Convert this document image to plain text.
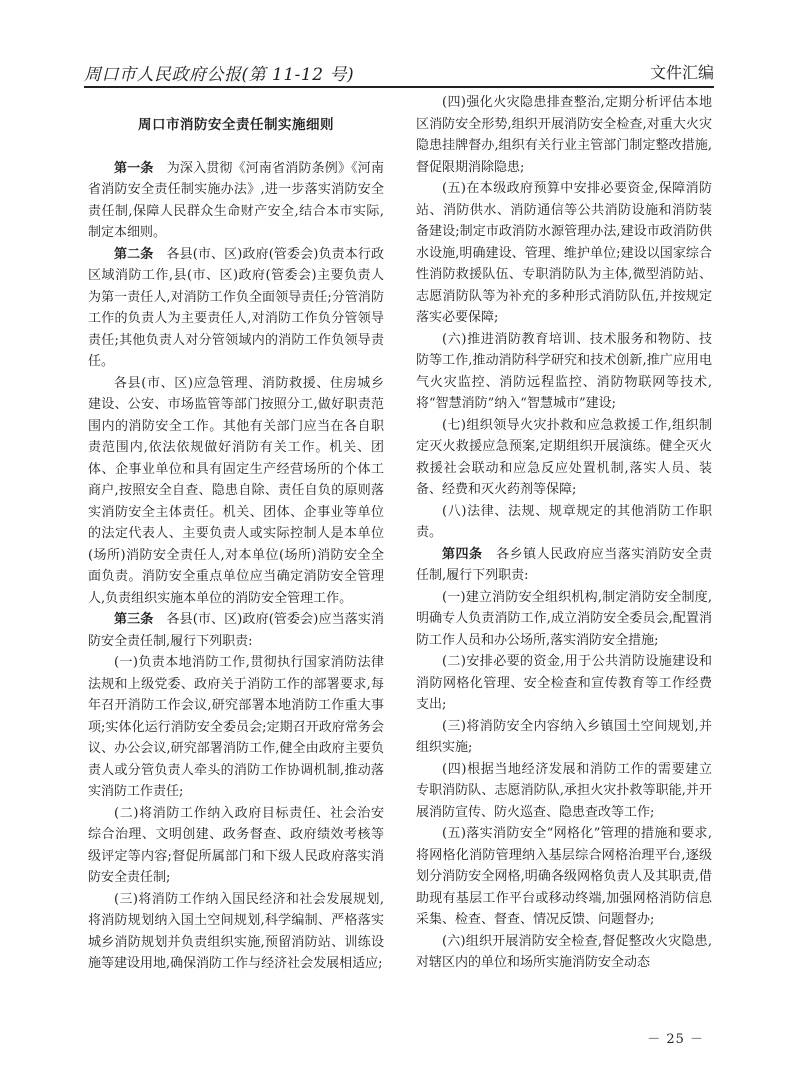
周口市人民政府公报(第 11-12 号)	文件汇编
周口市消防安全责任制实施细则

第一条　 为深入贯彻《河南省消防条例》《河南省消防安全责任制实施办法》,进一步落实消防安全责任制,保障人民群众生命财产安全,结合本市实际,制定本细则。

第二条　 各县(市、区)政府(管委会)负责本行政区域消防工作,县(市、区)政府(管委会)主要负责人为第一责任人,对消防工作负全面领导责任;分管消防工作的负责人为主要责任人,对消防工作负分管领导责任;其他负责人对分管领域内的消防工作负领导责任。

各县(市、区)应急管理、消防救援、住房城乡建设、公安、市场监管等部门按照分工,做好职责范围内的消防安全工作。其他有关部门应当在各自职责范围内,依法依规做好消防有关工作。机关、团体、企事业单位和具有固定生产经营场所的个体工商户,按照安全自查、隐患自除、责任自负的原则落实消防安全主体责任。机关、团体、企事业等单位的法定代表人、主要负责人或实际控制人是本单位(场所)消防安全责任人,对本单位(场所)消防安全全面负责。消防安全重点单位应当确定消防安全管理人,负责组织实施本单位的消防安全管理工作。

第三条　 各县(市、区)政府(管委会)应当落实消防安全责任制,履行下列职责:

(一)负责本地消防工作,贯彻执行国家消防法律法规和上级党委、政府关于消防工作的部署要求,每年召开消防工作会议,研究部署本地消防工作重大事项;实体化运行消防安全委员会;定期召开政府常务会议、办公会议,研究部署消防工作,健全由政府主要负责人或分管负责人牵头的消防工作协调机制,推动落实消防工作责任;

(二)将消防工作纳入政府目标责任、社会治安综合治理、文明创建、政务督查、政府绩效考核等级评定等内容;督促所属部门和下级人民政府落实消防安全责任制;

(三)将消防工作纳入国民经济和社会发展规划,将消防规划纳入国土空间规划,科学编制、严格落实城乡消防规划并负责组织实施,预留消防站、训练设施等建设用地,确保消防工作与经济社会发展相适应;

(四)强化火灾隐患排查整治,定期分析评估本地区消防安全形势,组织开展消防安全检查,对重大火灾隐患挂牌督办,组织有关行业主管部门制定整改措施,督促限期消除隐患;

(五)在本级政府预算中安排必要资金,保障消防站、消防供水、消防通信等公共消防设施和消防装备建设;制定市政消防水源管理办法,建设市政消防供水设施,明确建设、管理、维护单位;建设以国家综合性消防救援队伍、专职消防队为主体,微型消防站、志愿消防队等为补充的多种形式消防队伍,并按规定落实必要保障;

(六)推进消防教育培训、技术服务和物防、技防等工作,推动消防科学研究和技术创新,推广应用电气火灾监控、消防远程监控、消防物联网等技术,将“智慧消防”纳入“智慧城市”建设;

(七)组织领导火灾扑救和应急救援工作,组织制定灭火救援应急预案,定期组织开展演练。健全灭火救援社会联动和应急反应处置机制,落实人员、装备、经费和灭火药剂等保障;

(八)法律、法规、规章规定的其他消防工作职责。

第四条　 各乡镇人民政府应当落实消防安全责任制,履行下列职责:

(一)建立消防安全组织机构,制定消防安全制度,明确专人负责消防工作,成立消防安全委员会,配置消防工作人员和办公场所,落实消防安全措施;

(二)安排必要的资金,用于公共消防设施建设和消防网格化管理、安全检查和宣传教育等工作经费支出;

(三)将消防安全内容纳入乡镇国土空间规划,并组织实施;

(四)根据当地经济发展和消防工作的需要建立专职消防队、志愿消防队,承担火灾扑救等职能,并开展消防宣传、防火巡查、隐患查改等工作;

(五)落实消防安全“网格化”管理的措施和要求,将网格化消防管理纳入基层综合网格治理平台,逐级划分消防安全网格,明确各级网格负责人及其职责,借助现有基层工作平台或移动终端,加强网格消防信息采集、检查、督查、情况反馈、问题督办;

(六)组织开展消防安全检查,督促整改火灾隐患,对辖区内的单位和场所实施消防安全动态

－ 25 －
